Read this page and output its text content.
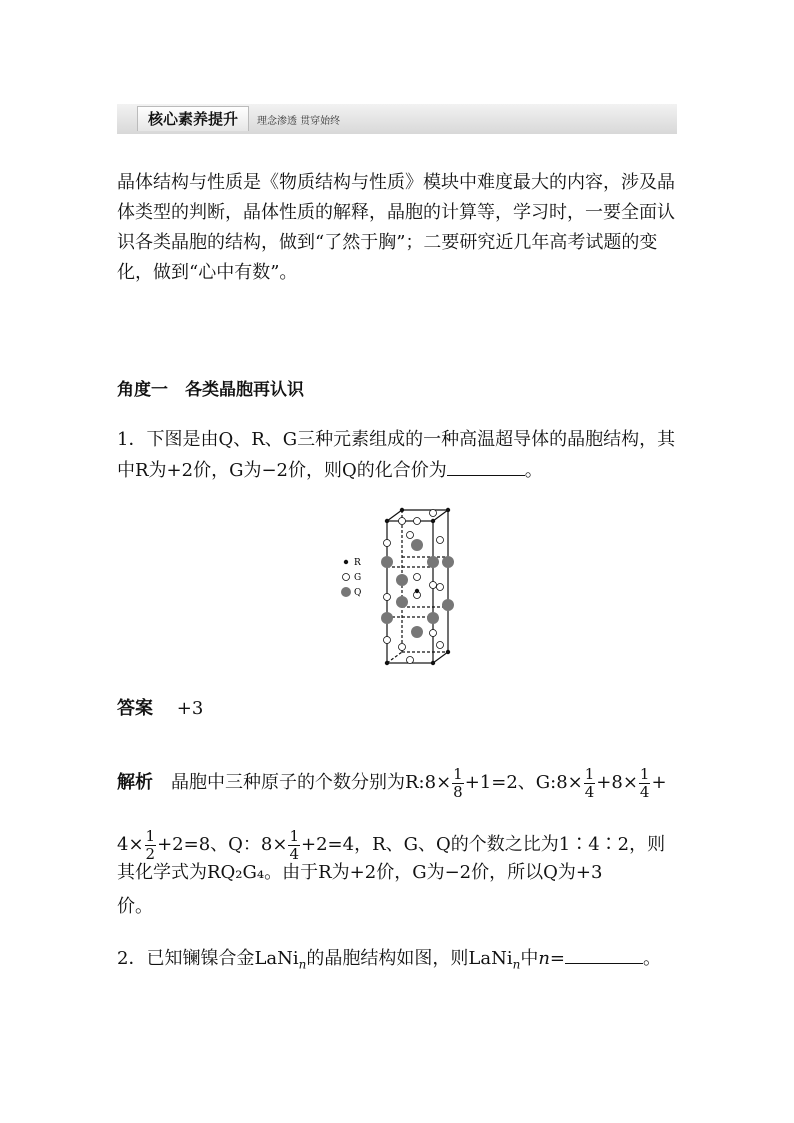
核心素养提升	理念渗透 贯穿始终
晶体结构与性质是《物质结构与性质》模块中难度最大的内容，涉及晶体类型的判断，晶体性质的解释，晶胞的计算等，学习时，一要全面认识各类晶胞的结构，做到“了然于胸”；二要研究近几年高考试题的变化，做到“心中有数”。
角度一　各类晶胞再认识
1．下图是由Q、R、G三种元素组成的一种高温超导体的晶胞结构，其中R为+2价，G为−2价，则Q的化合价为	。
R
G
Q
答案 +3
解析 晶胞中三种原子的个数分别为R:8× $\frac{1}{8} +1=2$、G:8× $\frac{1}{4} +8\times \frac{1}{4}$ +
$4\times \frac{1}{2} +2=8$、Q：$8\times \frac{1}{4} +2=4$，R、G、Q的个数之比为1∶4∶2，则
其化学式为RQ₂G₄。由于R为+2价，G为−2价，所以Q为+3
价。
2．已知镧镍合金LaNi$_n$的晶胞结构如图，则LaNi$_n$中n=	。
